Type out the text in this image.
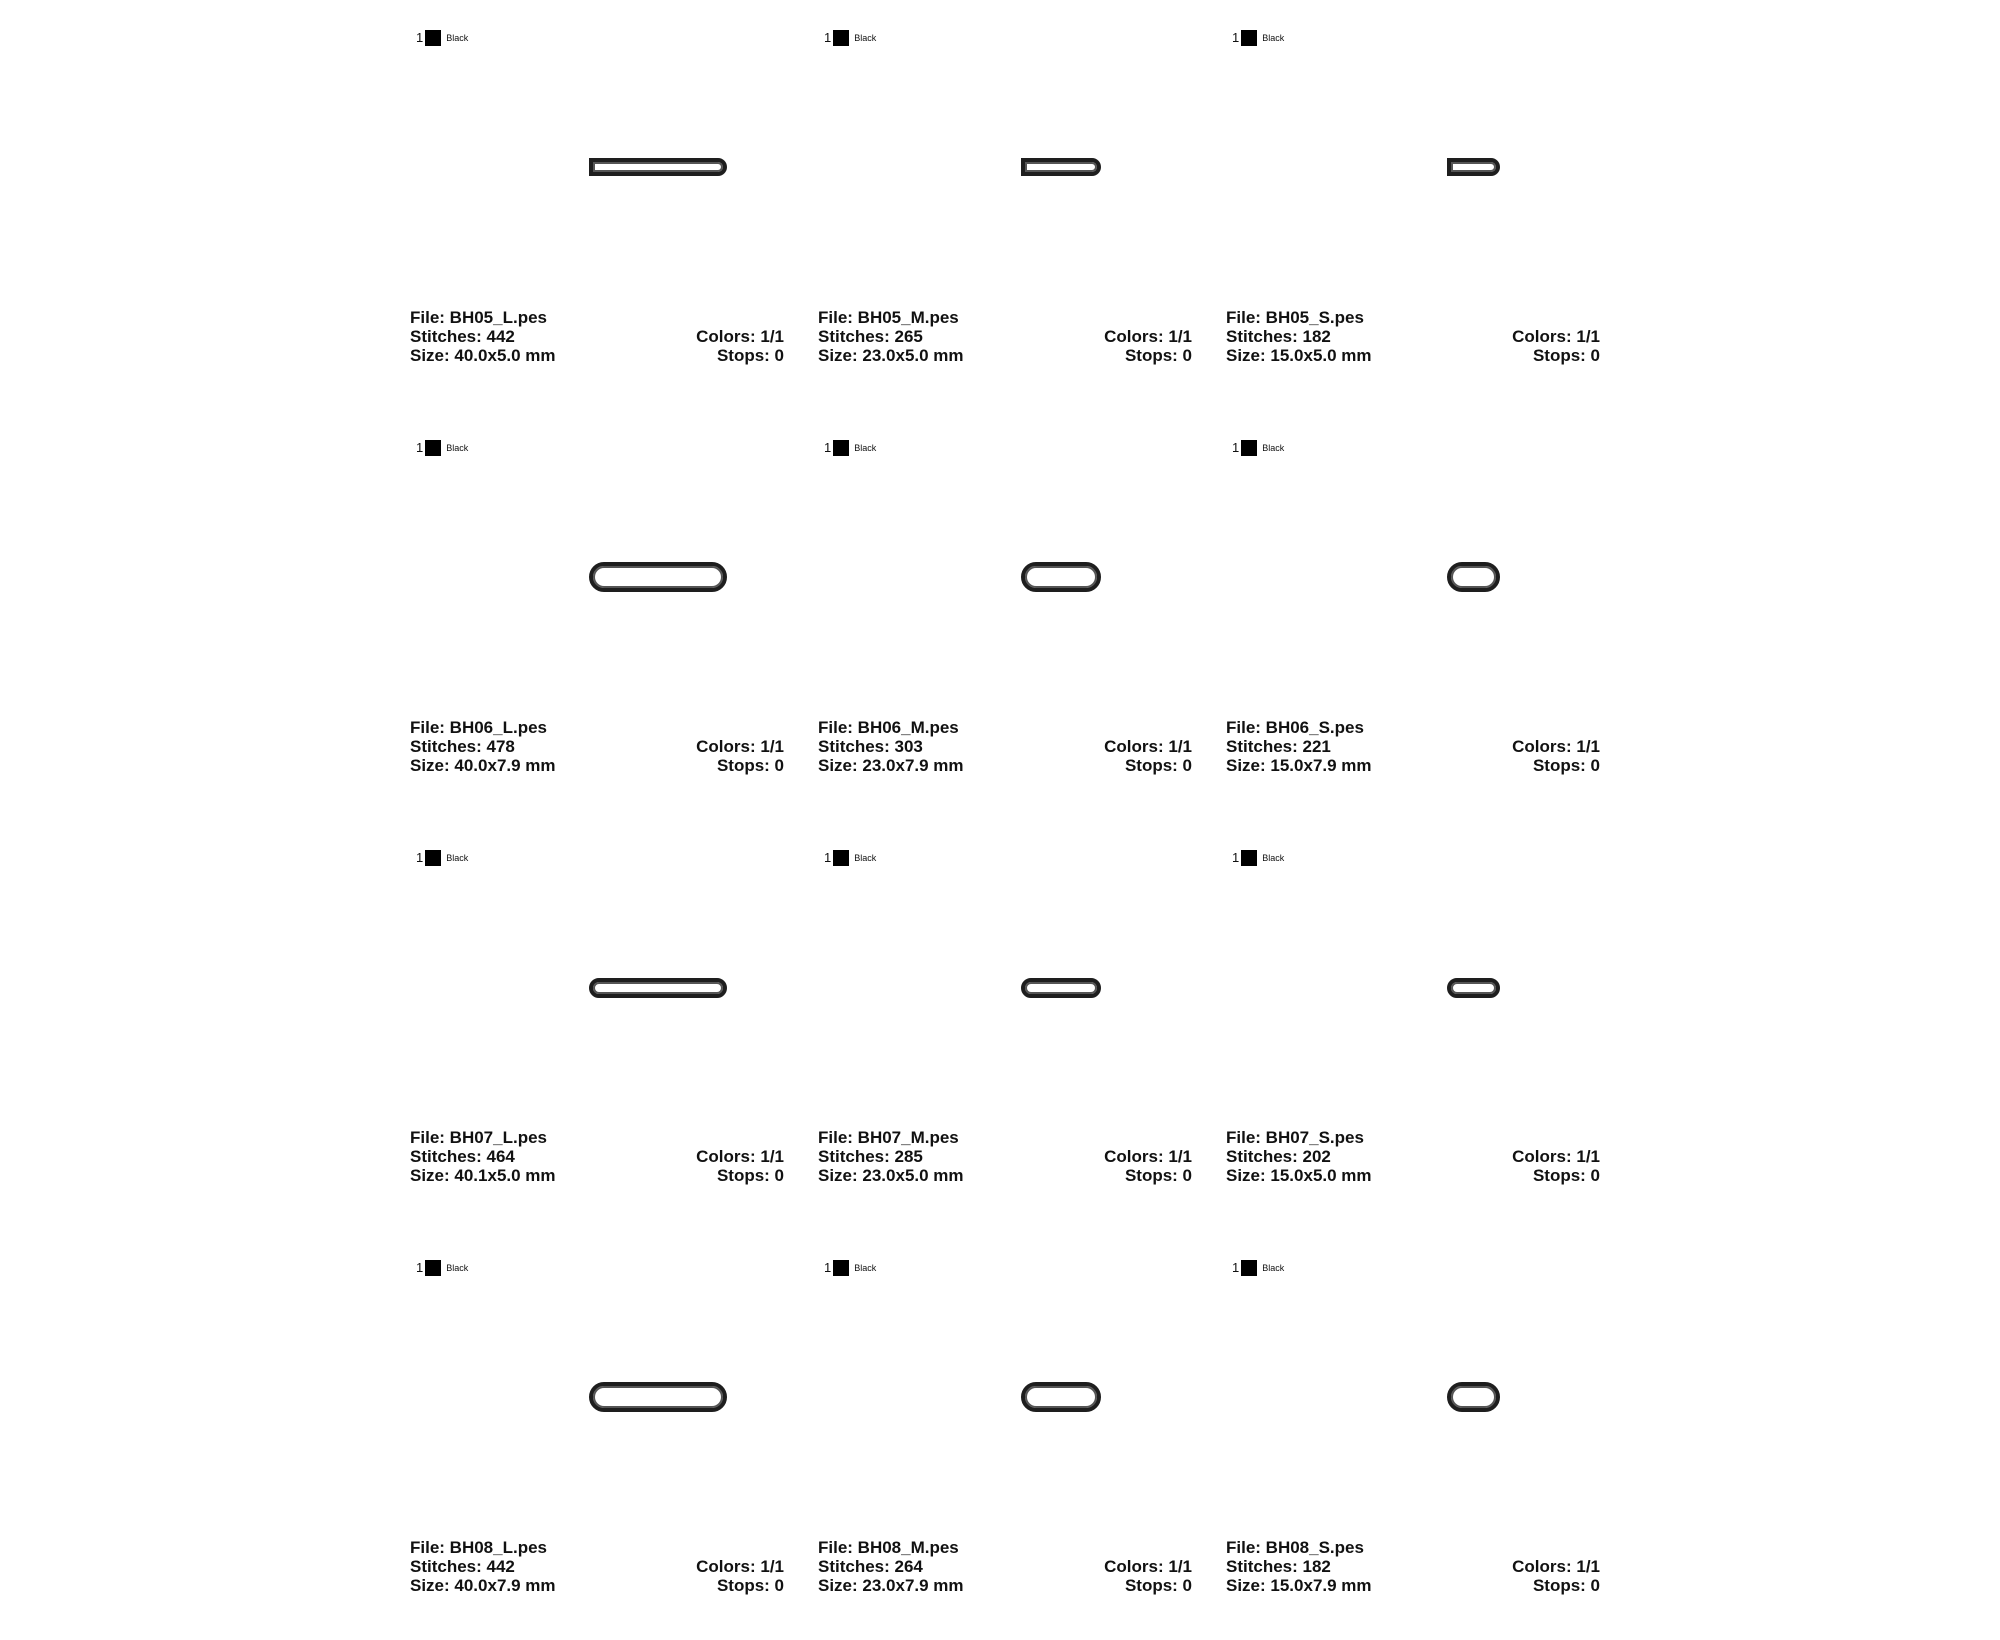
1	Black
File: BH05_L.pes
Stitches: 442	Colors: 1/1
Size: 40.0x5.0 mm	Stops: 0
1	Black
File: BH05_M.pes
Stitches: 265	Colors: 1/1
Size: 23.0x5.0 mm	Stops: 0
1	Black
File: BH05_S.pes
Stitches: 182	Colors: 1/1
Size: 15.0x5.0 mm	Stops: 0
1	Black
File: BH06_L.pes
Stitches: 478	Colors: 1/1
Size: 40.0x7.9 mm	Stops: 0
1	Black
File: BH06_M.pes
Stitches: 303	Colors: 1/1
Size: 23.0x7.9 mm	Stops: 0
1	Black
File: BH06_S.pes
Stitches: 221	Colors: 1/1
Size: 15.0x7.9 mm	Stops: 0
1	Black
File: BH07_L.pes
Stitches: 464	Colors: 1/1
Size: 40.1x5.0 mm	Stops: 0
1	Black
File: BH07_M.pes
Stitches: 285	Colors: 1/1
Size: 23.0x5.0 mm	Stops: 0
1	Black
File: BH07_S.pes
Stitches: 202	Colors: 1/1
Size: 15.0x5.0 mm	Stops: 0
1	Black
File: BH08_L.pes
Stitches: 442	Colors: 1/1
Size: 40.0x7.9 mm	Stops: 0
1	Black
File: BH08_M.pes
Stitches: 264	Colors: 1/1
Size: 23.0x7.9 mm	Stops: 0
1	Black
File: BH08_S.pes
Stitches: 182	Colors: 1/1
Size: 15.0x7.9 mm	Stops: 0
